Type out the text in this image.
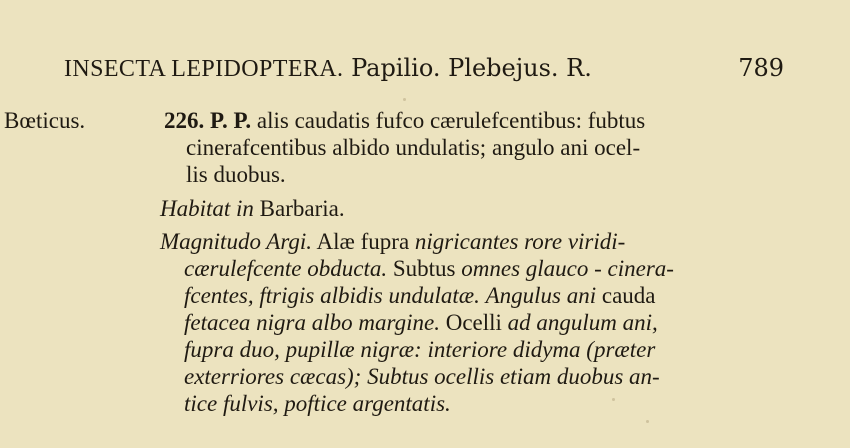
INSECTA LEPIDOPTERA. Papilio. Plebejus. R.	789
Bœticus.	226. P. P. alis caudatis fufco cærulefcentibus: fubtus
cinerafcentibus albido undulatis; angulo ani ocel-
lis duobus.
Habitat in Barbaria.
Magnitudo Argi. Alæ fupra nigricantes rore viridi-
cærulefcente obducta. Subtus omnes glauco - cinera-
fcentes, ftrigis albidis undulatæ. Angulus ani cauda
fetacea nigra albo margine. Ocelli ad angulum ani,
fupra duo, pupillæ nigræ: interiore didyma (præter
exterriores cæcas); Subtus ocellis etiam duobus an-
tice fulvis, poftice argentatis.
